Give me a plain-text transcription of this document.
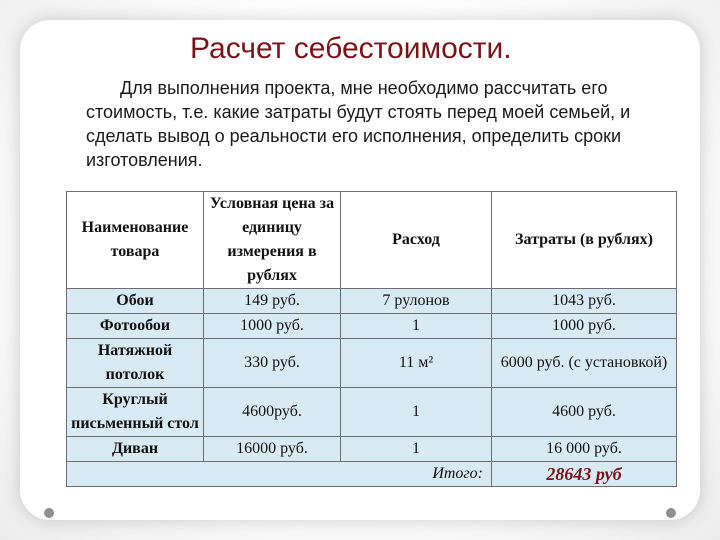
Расчет себестоимости.
Для выполнения проекта, мне необходимо рассчитать его стоимость, т.е. какие затраты будут стоять перед моей семьей, и сделать вывод о реальности его исполнения, определить сроки изготовления.
Наименование товара	Условная цена за единицу измерения в рублях	Расход	Затраты (в рублях)
Обои	149 руб.	7 рулонов	1043 руб.
Фотообои	1000 руб.	1	1000 руб.
Натяжной потолок	330 руб.	11 м²	6000 руб. (с установкой)
Круглый письменный стол	4600руб.	1	4600 руб.
Диван	16000 руб.	1	16 000 руб.
Итого:			28643 руб
